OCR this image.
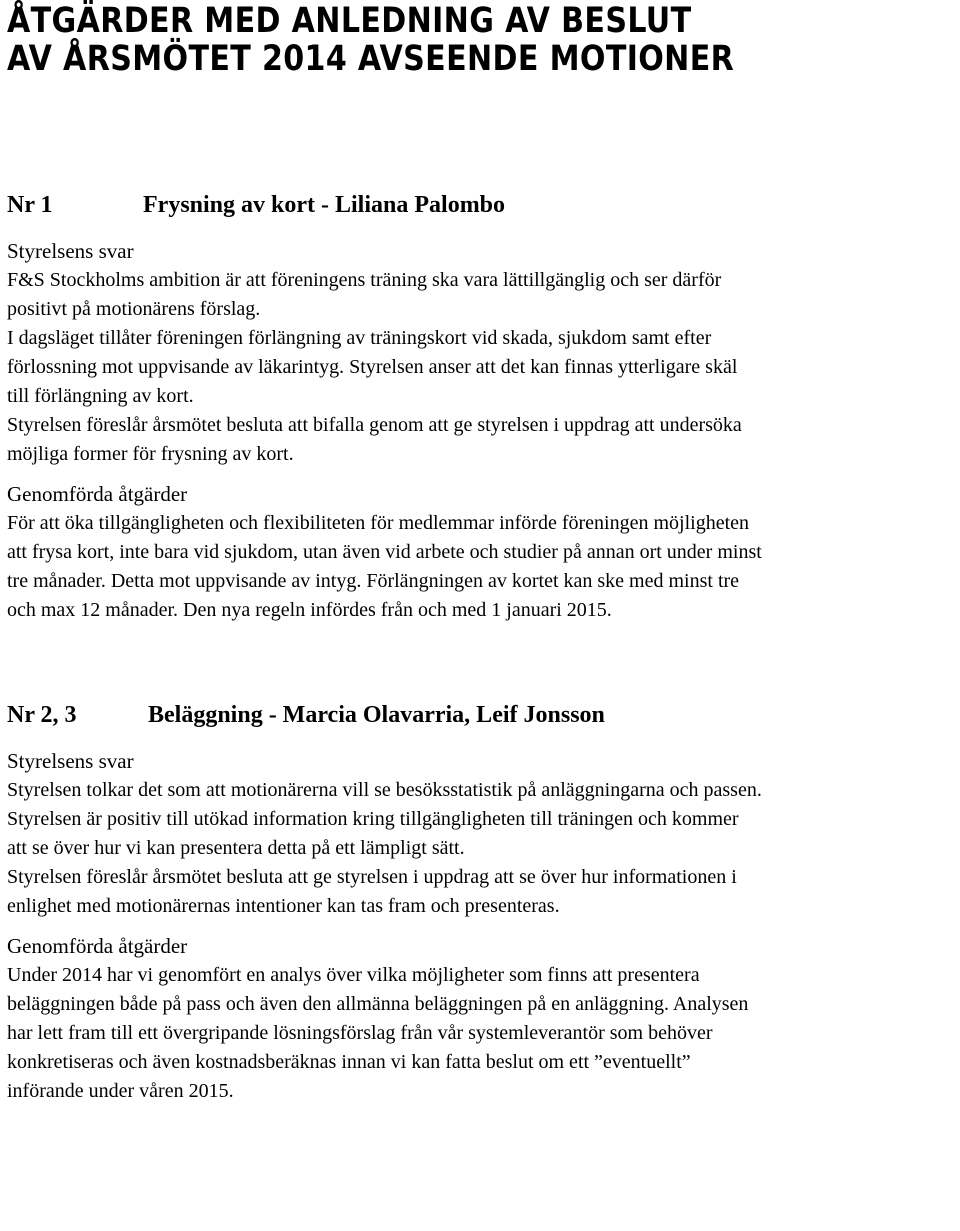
ÅTGÄRDER MED ANLEDNING AV BESLUT
AV ÅRSMÖTET 2014 AVSEENDE MOTIONER
Nr 1	Frysning av kort - Liliana Palombo
Styrelsens svar

F&S Stockholms ambition är att föreningens träning ska vara lättillgänglig och ser därför
positivt på motionärens förslag.
I dagsläget tillåter föreningen förlängning av träningskort vid skada, sjukdom samt efter
förlossning mot uppvisande av läkarintyg. Styrelsen anser att det kan finnas ytterligare skäl
till förlängning av kort.

Styrelsen föreslår årsmötet besluta att bifalla genom att ge styrelsen i uppdrag att undersöka
möjliga former för frysning av kort.

Genomförda åtgärder

För att öka tillgängligheten och flexibiliteten för medlemmar införde föreningen möjligheten
att frysa kort, inte bara vid sjukdom, utan även vid arbete och studier på annan ort under minst
tre månader. Detta mot uppvisande av intyg. Förlängningen av kortet kan ske med minst tre
och max 12 månader. Den nya regeln infördes från och med 1 januari 2015.

Nr 2, 3	Beläggning - Marcia Olavarria, Leif Jonsson
Styrelsens svar

Styrelsen tolkar det som att motionärerna vill se besöksstatistik på anläggningarna och passen.
Styrelsen är positiv till utökad information kring tillgängligheten till träningen och kommer
att se över hur vi kan presentera detta på ett lämpligt sätt.

Styrelsen föreslår årsmötet besluta att ge styrelsen i uppdrag att se över hur informationen i
enlighet med motionärernas intentioner kan tas fram och presenteras.

Genomförda åtgärder

Under 2014 har vi genomfört en analys över vilka möjligheter som finns att presentera
beläggningen både på pass och även den allmänna beläggningen på en anläggning. Analysen
har lett fram till ett övergripande lösningsförslag från vår systemleverantör som behöver
konkretiseras och även kostnadsberäknas innan vi kan fatta beslut om ett ”eventuellt”
införande under våren 2015.
